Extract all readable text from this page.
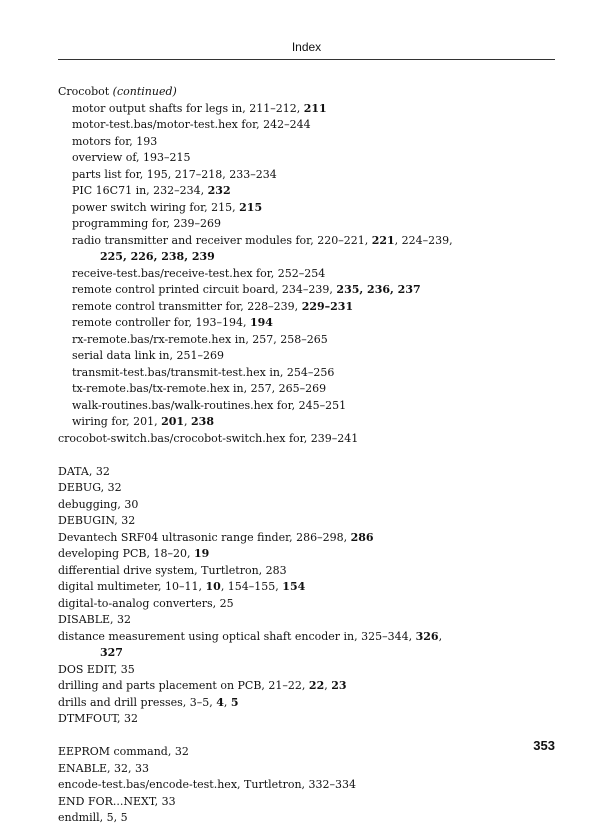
Index
Crocobot (continued)
motor output shafts for legs in, 211–212, 211
motor-test.bas/motor-test.hex for, 242–244
motors for, 193
overview of, 193–215
parts list for, 195, 217–218, 233–234
PIC 16C71 in, 232–234, 232
power switch wiring for, 215, 215
programming for, 239–269
radio transmitter and receiver modules for, 220–221, 221, 224–239,
225, 226, 238, 239
receive-test.bas/receive-test.hex for, 252–254
remote control printed circuit board, 234–239, 235, 236, 237
remote control transmitter for, 228–239, 229–231
remote controller for, 193–194, 194
rx-remote.bas/rx-remote.hex in, 257, 258–265
serial data link in, 251–269
transmit-test.bas/transmit-test.hex in, 254–256
tx-remote.bas/tx-remote.hex in, 257, 265–269
walk-routines.bas/walk-routines.hex for, 245–251
wiring for, 201, 201, 238
crocobot-switch.bas/crocobot-switch.hex for, 239–241
DATA, 32
DEBUG, 32
debugging, 30
DEBUGIN, 32
Devantech SRF04 ultrasonic range finder, 286–298, 286
developing PCB, 18–20, 19
differential drive system, Turtletron, 283
digital multimeter, 10–11, 10, 154–155, 154
digital-to-analog converters, 25
DISABLE, 32
distance measurement using optical shaft encoder in, 325–344, 326,
327
DOS EDIT, 35
drilling and parts placement on PCB, 21–22, 22, 23
drills and drill presses, 3–5, 4, 5
DTMFOUT, 32
EEPROM command, 32
ENABLE, 32, 33
encode-test.bas/encode-test.hex, Turtletron, 332–334
END FOR...NEXT, 33
endmill, 5, 5
353
